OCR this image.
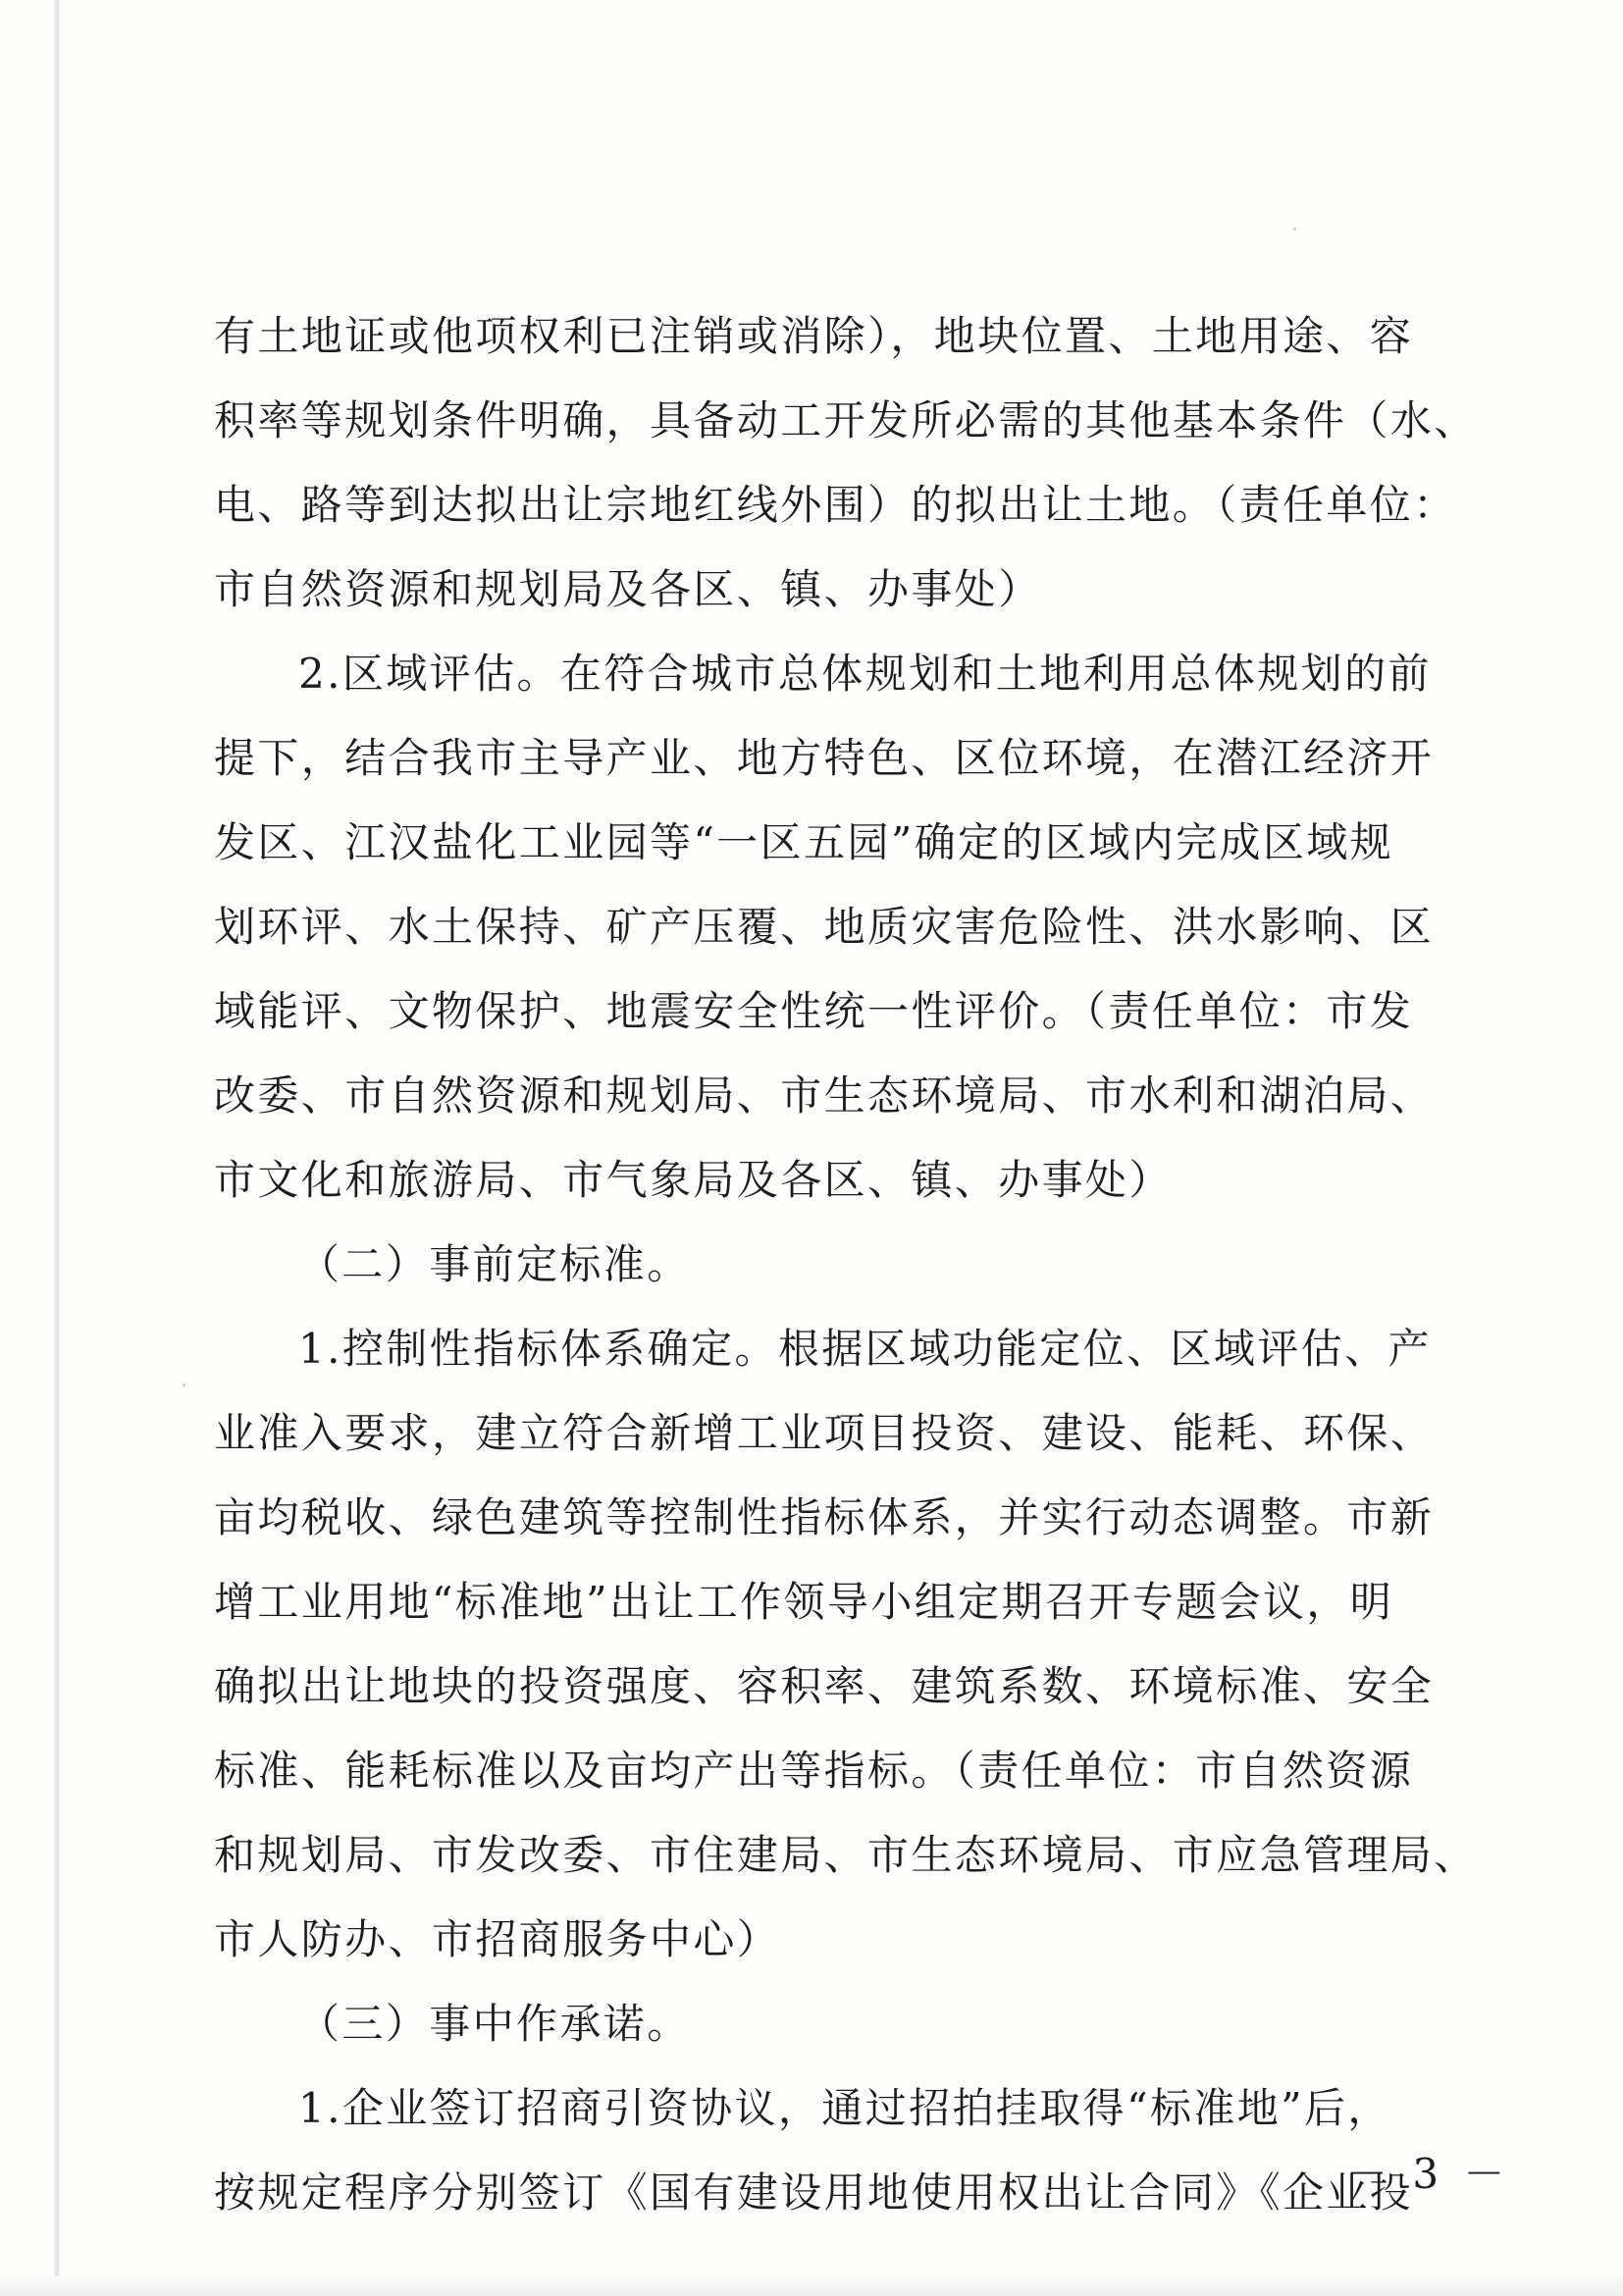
有土地证或他项权利已注销或消除），地块位置、土地用途、容
积率等规划条件明确，具备动工开发所必需的其他基本条件（水、
电、路等到达拟出让宗地红线外围）的拟出让土地。（责任单位：
市自然资源和规划局及各区、镇、办事处）
2.区域评估。在符合城市总体规划和土地利用总体规划的前
提下，结合我市主导产业、地方特色、区位环境，在潜江经济开
发区、江汉盐化工业园等“一区五园”确定的区域内完成区域规
划环评、水土保持、矿产压覆、地质灾害危险性、洪水影响、区
域能评、文物保护、地震安全性统一性评价。（责任单位：市发
改委、市自然资源和规划局、市生态环境局、市水利和湖泊局、
市文化和旅游局、市气象局及各区、镇、办事处）
（二）事前定标准。
1.控制性指标体系确定。根据区域功能定位、区域评估、产
业准入要求，建立符合新增工业项目投资、建设、能耗、环保、
亩均税收、绿色建筑等控制性指标体系，并实行动态调整。市新
增工业用地“标准地”出让工作领导小组定期召开专题会议，明
确拟出让地块的投资强度、容积率、建筑系数、环境标准、安全
标准、能耗标准以及亩均产出等指标。（责任单位：市自然资源
和规划局、市发改委、市住建局、市生态环境局、市应急管理局、
市人防办、市招商服务中心）
（三）事中作承诺。
1.企业签订招商引资协议，通过招拍挂取得“标准地”后，
按规定程序分别签订《国有建设用地使用权出让合同》《企业投
－ 3 －
